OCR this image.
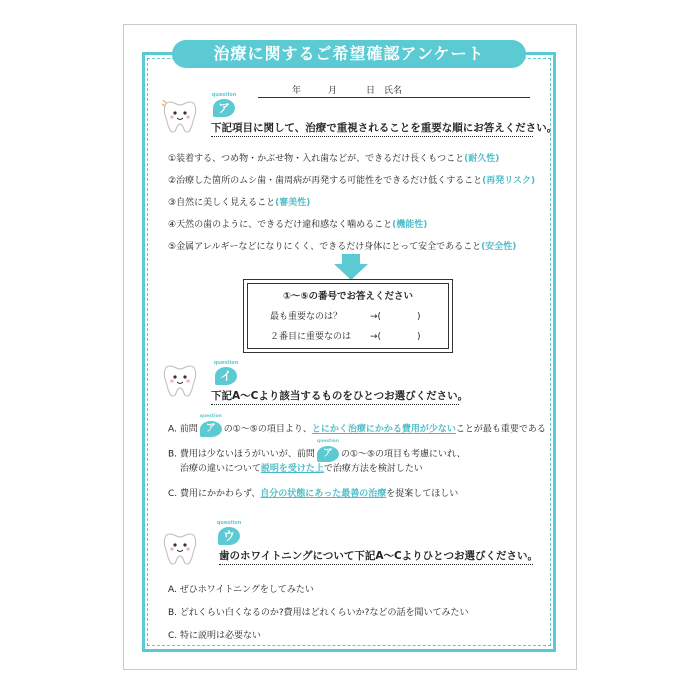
治療に関するご希望確認アンケート
年	月	日 氏名
question
ア
下記項目に関して、治療で重視されることを重要な順にお答えください。
①装着する、つめ物・かぶせ物・入れ歯などが、できるだけ長くもつこと(耐久性)
②治療した箇所のムシ歯・歯周病が再発する可能性をできるだけ低くすること(再発リスク)
③自然に美しく見えること(審美性)
④天然の歯のように、できるだけ違和感なく噛めること(機能性)
⑤金属アレルギーなどになりにくく、できるだけ身体にとって安全であること(安全性)
①〜⑤の番号でお答えください
最も重要なのは？	→(　　　　)
２番目に重要なのは →(　　　　)
question
イ
下記A〜Cより該当するものをひとつお選びください。
A. 前問
question
ア の①〜⑤の項目より、とにかく治療にかかる費用が少ないことが最も重要である
B. 費用は少ないほうがいいが、前問
question
ア の①〜⑤の項目も考慮にいれ、
治療の違いについて説明を受けた上で治療方法を検討したい
C. 費用にかかわらず、自分の状態にあった最善の治療を提案してほしい
question
ウ
歯のホワイトニングについて下記A〜Cよりひとつお選びください。
A. ぜひホワイトニングをしてみたい
B. どれくらい白くなるのか?費用はどれくらいか?などの話を聞いてみたい
C. 特に説明は必要ない
